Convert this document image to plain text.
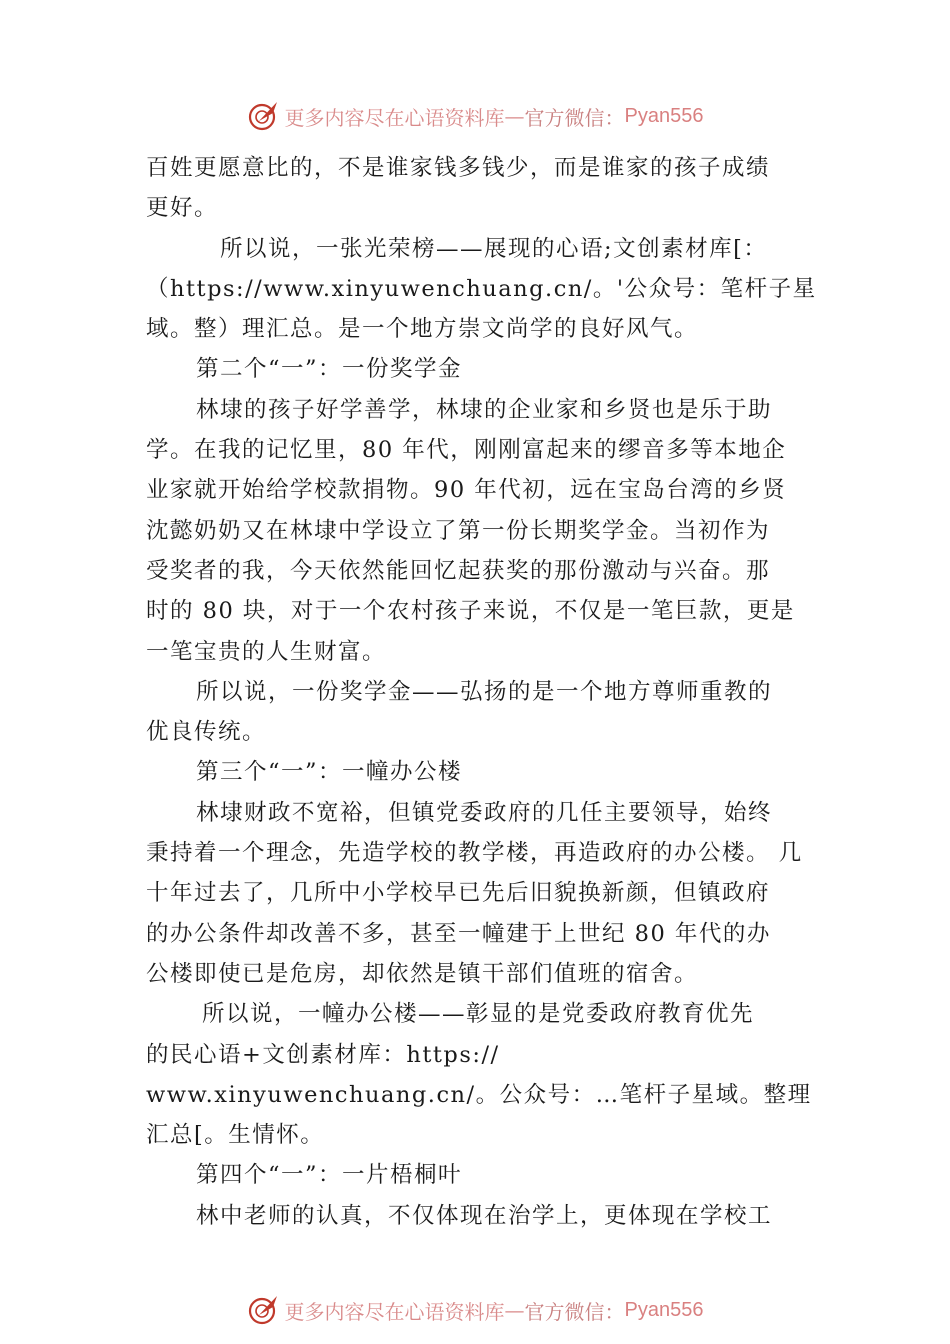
更多内容尽在心语资料库 — 官方微信： Pyan556
百姓更愿意比的，不是谁家钱多钱少，而是谁家的孩子成绩
更好。
所以说，一张光荣榜——展现的心语;文创素材库[：
（https://www.xinyuwenchuang.cn/。'公众号：笔杆子星
域。整）理汇总。是一个地方崇文尚学的良好风气。
第二个“一”：一份奖学金
林埭的孩子好学善学，林埭的企业家和乡贤也是乐于助
学。在我的记忆里，80 年代，刚刚富起来的缪音多等本地企
业家就开始给学校款捐物。90 年代初，远在宝岛台湾的乡贤
沈懿奶奶又在林埭中学设立了第一份长期奖学金。当初作为
受奖者的我，今天依然能回忆起获奖的那份激动与兴奋。那
时的 80 块，对于一个农村孩子来说，不仅是一笔巨款，更是
一笔宝贵的人生财富。
所以说，一份奖学金——弘扬的是一个地方尊师重教的
优良传统。
第三个“一”：一幢办公楼
林埭财政不宽裕，但镇党委政府的几任主要领导，始终
秉持着一个理念，先造学校的教学楼，再造政府的办公楼。 几
十年过去了，几所中小学校早已先后旧貌换新颜，但镇政府
的办公条件却改善不多，甚至一幢建于上世纪 80 年代的办
公楼即使已是危房，却依然是镇干部们值班的宿舍。
所以说，一幢办公楼——彰显的是党委政府教育优先
的民心语+文创素材库：https://
www.xinyuwenchuang.cn/。公众号：…笔杆子星域。整理
汇总[。生情怀。
第四个“一”：一片梧桐叶
林中老师的认真，不仅体现在治学上，更体现在学校工
更多内容尽在心语资料库 — 官方微信： Pyan556
